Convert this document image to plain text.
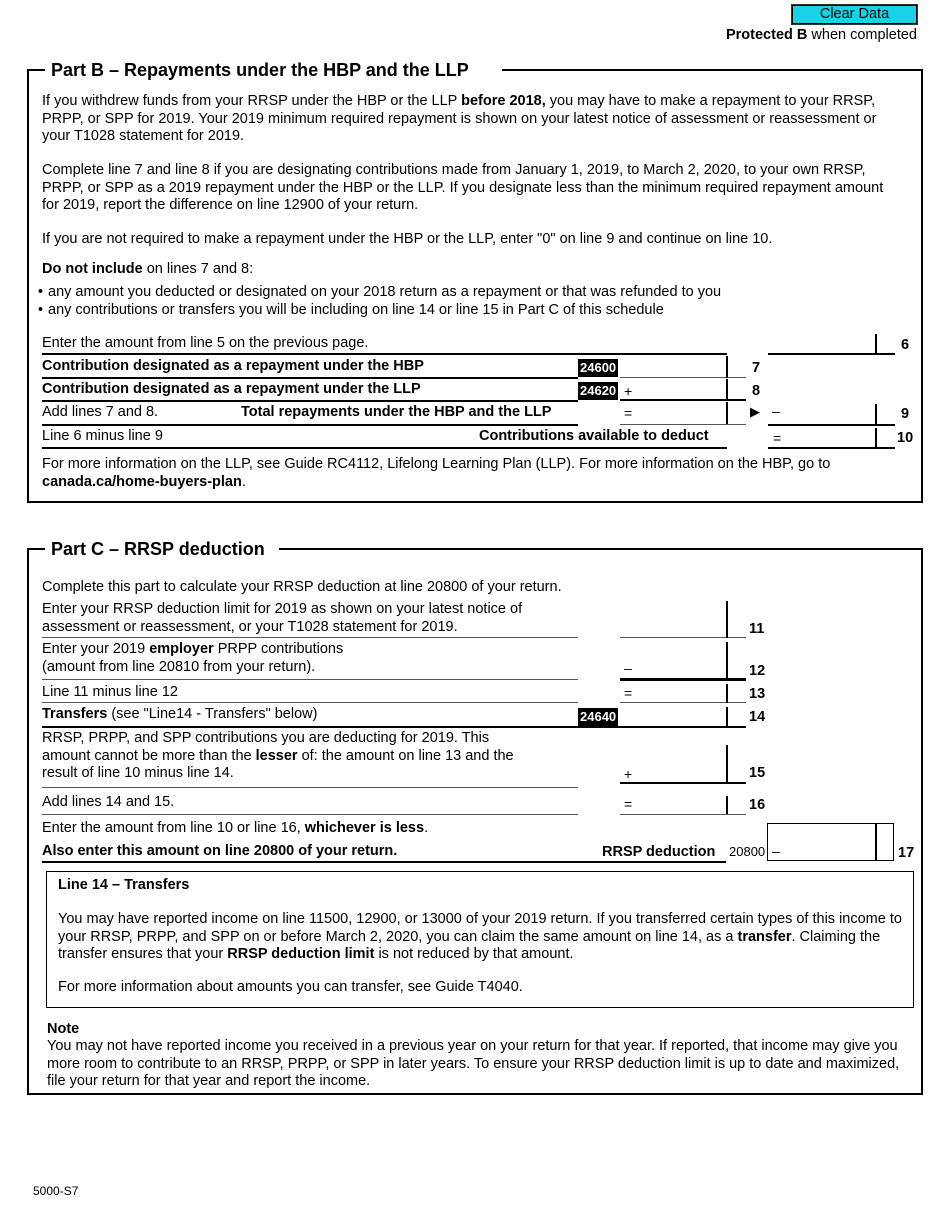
Clear Data
Protected B when completed
Part B – Repayments under the HBP and the LLP
If you withdrew funds from your RRSP under the HBP or the LLP before 2018, you may have to make a repayment to your RRSP, PRPP, or SPP for 2019. Your 2019 minimum required repayment is shown on your latest notice of assessment or reassessment or your T1028 statement for 2019.
Complete line 7 and line 8 if you are designating contributions made from January 1, 2019, to March 2, 2020, to your own RRSP, PRPP, or SPP as a 2019 repayment under the HBP or the LLP. If you designate less than the minimum required repayment amount for 2019, report the difference on line 12900 of your return.
If you are not required to make a repayment under the HBP or the LLP, enter "0" on line 9 and continue on line 10.
Do not include on lines 7 and 8:
• any amount you deducted or designated on your 2018 return as a repayment or that was refunded to you
• any contributions or transfers you will be including on line 14 or line 15 in Part C of this schedule
Enter the amount from line 5 on the previous page.	6
Contribution designated as a repayment under the HBP	24600	7
Contribution designated as a repayment under the LLP	24620 +	8
Add lines 7 and 8.	Total repayments under the HBP and the LLP	=	▶ –	9
Line 6 minus line 9	Contributions available to deduct	=	10
For more information on the LLP, see Guide RC4112, Lifelong Learning Plan (LLP). For more information on the HBP, go to canada.ca/home-buyers-plan.
Part C – RRSP deduction
Complete this part to calculate your RRSP deduction at line 20800 of your return.
Enter your RRSP deduction limit for 2019 as shown on your latest notice of
assessment or reassessment, or your T1028 statement for 2019.	11
Enter your 2019 employer PRPP contributions
(amount from line 20810 from your return).	–	12
Line 11 minus line 12	=	13
Transfers (see "Line14 - Transfers" below)	24640	14
RRSP, PRPP, and SPP contributions you are deducting for 2019. This
amount cannot be more than the lesser of: the amount on line 13 and the
result of line 10 minus line 14.	+	15
Add lines 14 and 15.	=	16
Enter the amount from line 10 or line 16, whichever is less.
Also enter this amount on line 20800 of your return.	RRSP deduction 20800 –	17
Line 14 – Transfers
You may have reported income on line 11500, 12900, or 13000 of your 2019 return. If you transferred certain types of this income to your RRSP, PRPP, and SPP on or before March 2, 2020, you can claim the same amount on line 14, as a transfer. Claiming the transfer ensures that your RRSP deduction limit is not reduced by that amount.
For more information about amounts you can transfer, see Guide T4040.
Note
You may not have reported income you received in a previous year on your return for that year. If reported, that income may give you more room to contribute to an RRSP, PRPP, or SPP in later years. To ensure your RRSP deduction limit is up to date and maximized, file your return for that year and report the income.
5000-S7
